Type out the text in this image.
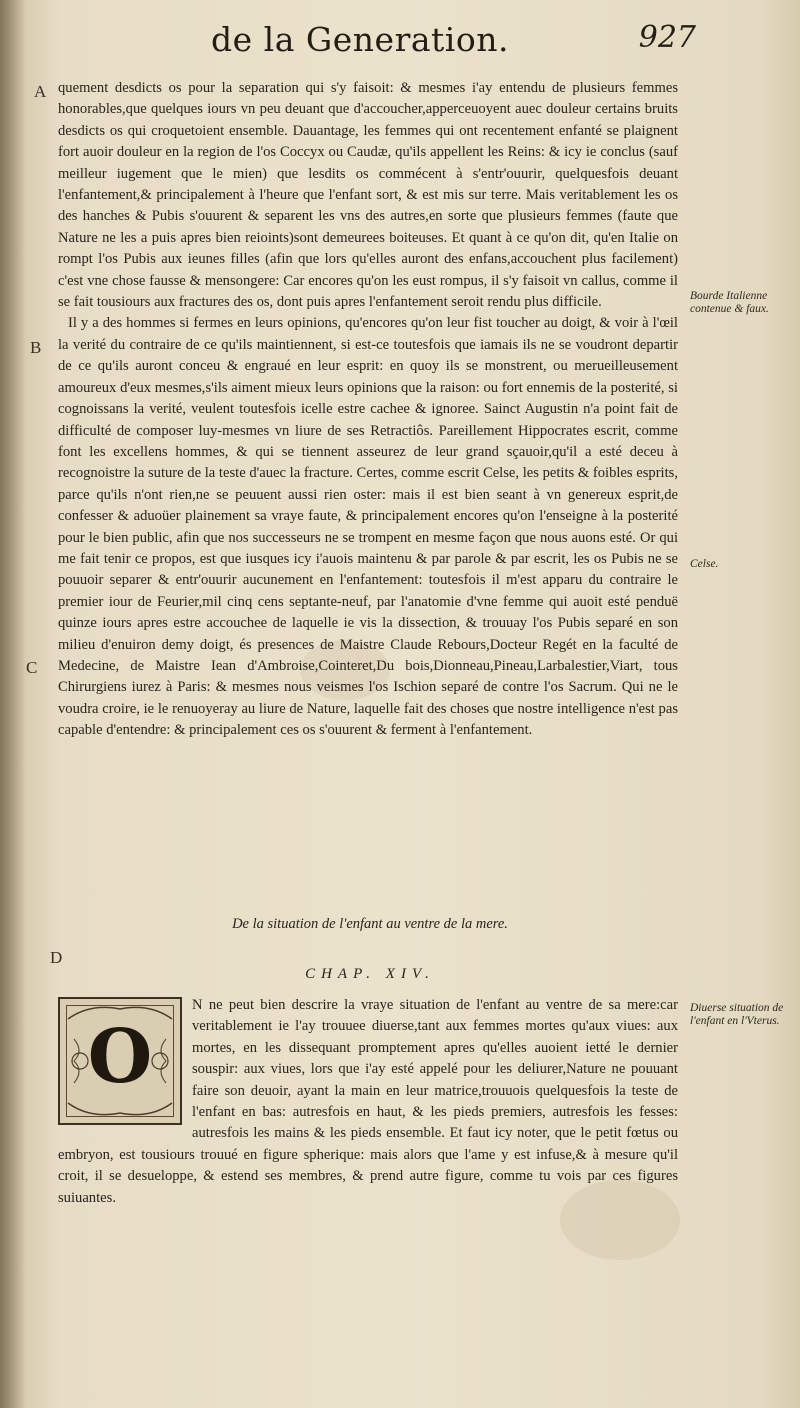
de la Generation.	927
A
B
C
D
Bourde Italienne contenue & faux.
Celse.
Diuerse situation de l'enfant en l'Vterus.

quement desdicts os pour la separation qui s'y faisoit: & mesmes i'ay entendu de plusieurs femmes honorables,que quelques iours vn peu deuant que d'accoucher,apperceuoyent auec douleur certains bruits desdicts os qui croquetoient ensemble. Dauantage, les femmes qui ont recentement enfanté se plaignent fort auoir douleur en la region de l'os Coccyx ou Caudæ, qu'ils appellent les Reins: & icy ie conclus (sauf meilleur iugement que le mien) que lesdits os commécent à s'entr'ouurir, quelquesfois deuant l'enfantement,& principalement à l'heure que l'enfant sort, & est mis sur terre. Mais veritablement les os des hanches & Pubis s'ouurent & separent les vns des autres,en sorte que plusieurs femmes (faute que Nature ne les a puis apres bien reioints)sont demeurees boiteuses. Et quant à ce qu'on dit, qu'en Italie on rompt l'os Pubis aux ieunes filles (afin que lors qu'elles auront des enfans,accouchent plus facilement) c'est vne chose fausse & mensongere: Car encores qu'on les eust rompus, il s'y faisoit vn callus, comme il se fait tousiours aux fractures des os, dont puis apres l'enfantement seroit rendu plus difficile.

Il y a des hommes si fermes en leurs opinions, qu'encores qu'on leur fist toucher au doigt, & voir à l'œil la verité du contraire de ce qu'ils maintiennent, si est-ce toutesfois que iamais ils ne se voudront departir de ce qu'ils auront conceu & engraué en leur esprit: en quoy ils se monstrent, ou merueilleusement amoureux d'eux mesmes,s'ils aiment mieux leurs opinions que la raison: ou fort ennemis de la posterité, si cognoissans la verité, veulent toutesfois icelle estre cachee & ignoree. Sainct Augustin n'a point fait de difficulté de composer luy-mesmes vn liure de ses Retractiôs. Pareillement Hippocrates escrit, comme font les excellens hommes, & qui se tiennent asseurez de leur grand sçauoir,qu'il a esté deceu à recognoistre la suture de la teste d'auec la fracture. Certes, comme escrit Celse, les petits & foibles esprits, parce qu'ils n'ont rien,ne se peuuent aussi rien oster: mais il est bien seant à vn genereux esprit,de confesser & aduoüer plainement sa vraye faute, & principalement encores qu'on l'enseigne à la posterité pour le bien public, afin que nos successeurs ne se trompent en mesme façon que nous auons esté. Or qui me fait tenir ce propos, est que iusques icy i'auois maintenu & par parole & par escrit, les os Pubis ne se pouuoir separer & entr'ouurir aucunement en l'enfantement: toutesfois il m'est apparu du contraire le premier iour de Feurier,mil cinq cens septante-neuf, par l'anatomie d'vne femme qui auoit esté penduë quinze iours apres estre accouchee de laquelle ie vis la dissection, & trouuay l'os Pubis separé en son milieu d'enuiron demy doigt, és presences de Maistre Claude Rebours,Docteur Regét en la faculté de Medecine, de Maistre Iean d'Ambroise,Cointeret,Du bois,Dionneau,Pineau,Larbalestier,Viart, tous Chirurgiens iurez à Paris: & mesmes nous veismes l'os Ischion separé de contre l'os Sacrum. Qui ne le voudra croire, ie le renuoyeray au liure de Nature, laquelle fait des choses que nostre intelligence n'est pas capable d'entendre: & principalement ces os s'ouurent & ferment à l'enfantement.

De la situation de l'enfant au ventre de la mere.
CHAP. XIV.
O
N ne peut bien descrire la vraye situation de l'enfant au ventre de sa mere:car veritablement ie l'ay trouuee diuerse,tant aux femmes mortes qu'aux viues: aux mortes, en les dissequant promptement apres qu'elles auoient ietté le dernier souspir: aux viues, lors que i'ay esté appelé pour les deliurer,Nature ne pouuant faire son deuoir, ayant la main en leur matrice,trouuois quelquesfois la teste de l'enfant en bas: autresfois en haut, & les pieds premiers, autresfois les fesses: autresfois les mains & les pieds ensemble. Et faut icy noter, que le petit fœtus ou embryon, est tousiours trouué en figure spherique: mais alors que l'ame y est infuse,& à mesure qu'il croit, il se desueloppe, & estend ses membres, & prend autre figure, comme tu vois par ces figures suiuantes.
